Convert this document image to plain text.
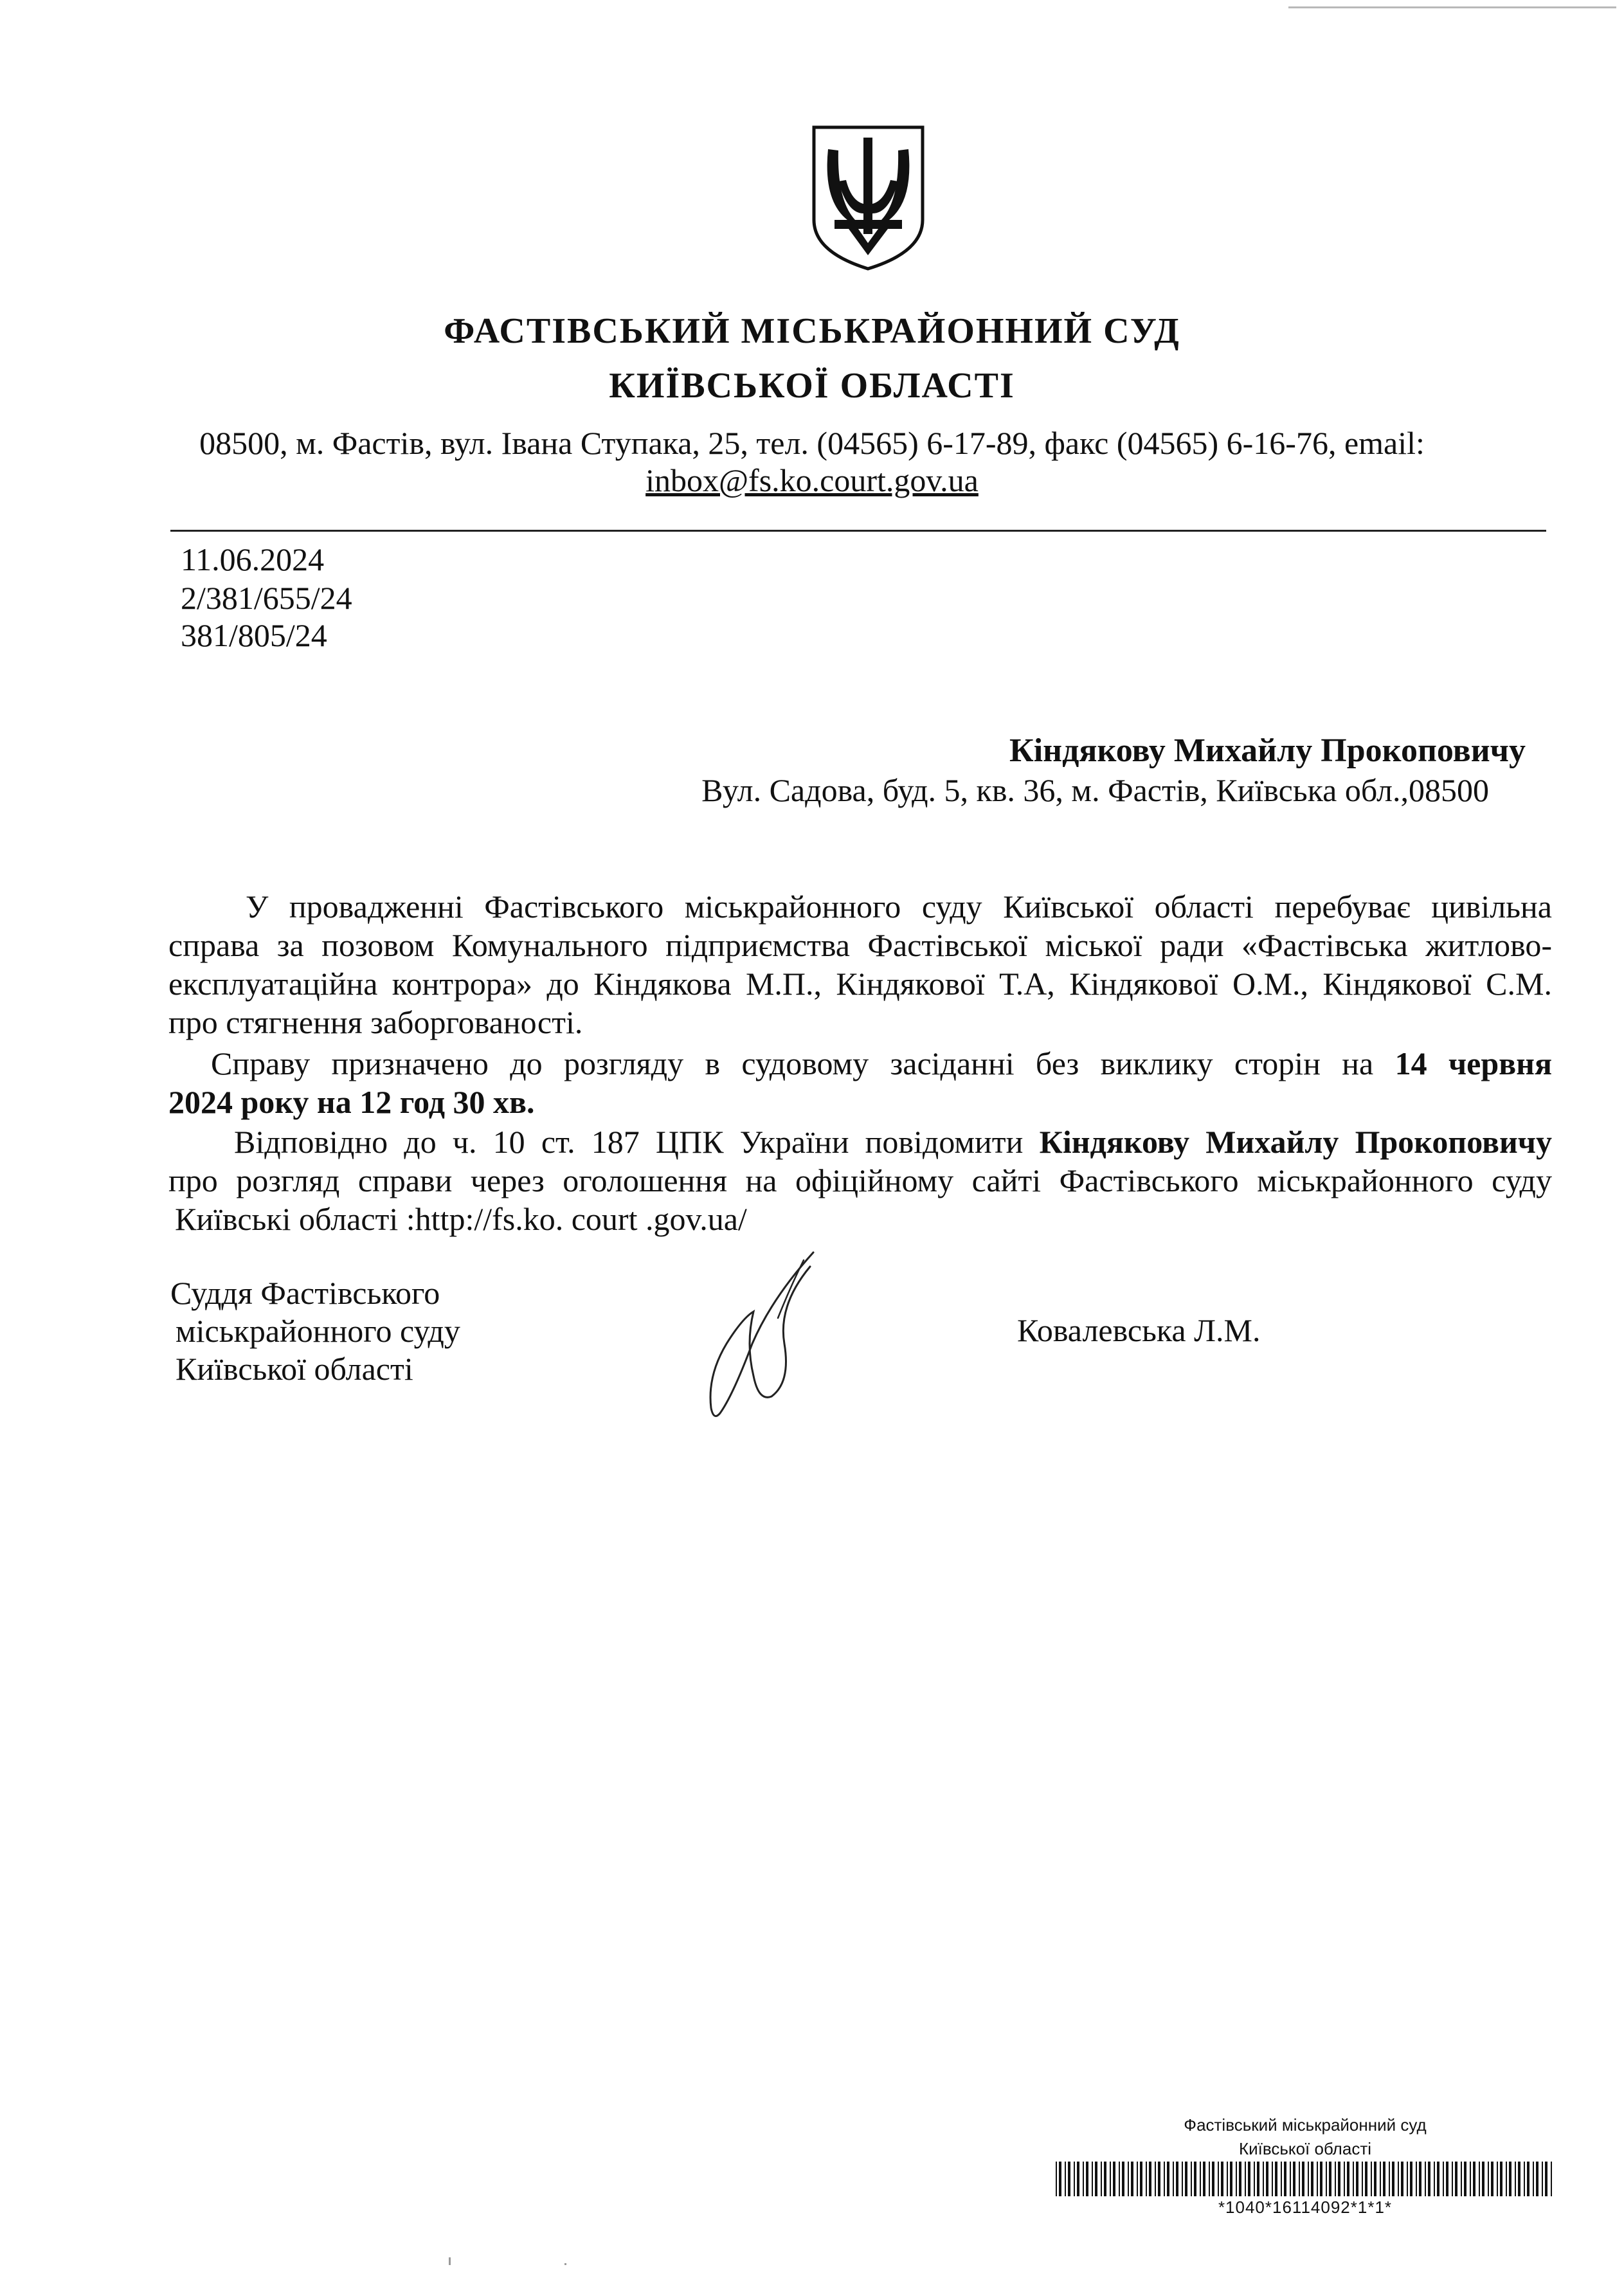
ФАСТІВСЬКИЙ МІСЬКРАЙОННИЙ СУД
КИЇВСЬКОЇ ОБЛАСТІ
08500, м. Фастів, вул. Івана Ступака, 25, тел. (04565) 6-17-89, факс (04565) 6-16-76, email:
inbox@fs.ko.court.gov.ua
11.06.2024
2/381/655/24
381/805/24
Кіндякову Михайлу Прокоповичу
Вул. Садова, буд. 5, кв. 36, м. Фастів, Київська обл.,08500
У провадженні Фастівського міськрайонного суду Київської області перебуває цивільна
справа за позовом Комунального підприємства Фастівської міської ради «Фастівська житлово-
експлуатаційна контрора» до Кіндякова М.П., Кіндякової Т.А, Кіндякової О.М., Кіндякової С.М.
про стягнення заборгованості.
Справу призначено до розгляду в судовому засіданні без виклику сторін на 14 червня
2024 року на 12 год 30 хв.
Відповідно до ч. 10 ст. 187 ЦПК України повідомити Кіндякову Михайлу Прокоповичу
про розгляд справи через оголошення на офіційному сайті Фастівського міськрайонного суду
Київські області :http://fs.ko. court .gov.ua/
Суддя Фастівського
міськрайонного суду
Київської області
Ковалевська Л.М.
Фастівський міськрайонний суд
Київської області
*1040*16114092*1*1*
